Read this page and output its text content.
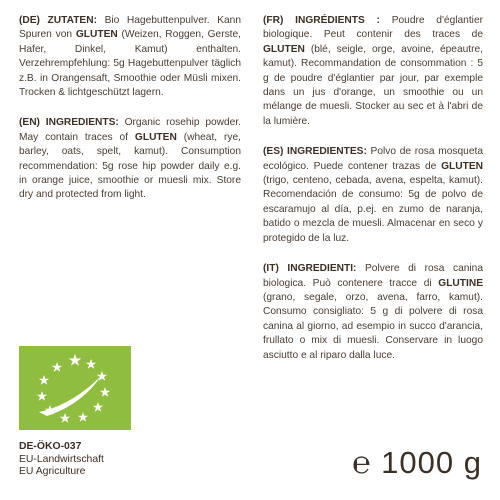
(DE) ZUTATEN: Bio Hagebuttenpulver. Kann Spuren von GLUTEN (Weizen, Roggen, Gerste, Hafer, Dinkel, Kamut) enthalten. Verzehrempfehlung: 5g Hagebuttenpulver täglich z.B. in Orangensaft, Smoothie oder Müsli mixen. Trocken & lichtgeschützt lagern.

(EN) INGREDIENTS: Organic rosehip powder. May contain traces of GLUTEN (wheat, rye, barley, oats, spelt, kamut). Consumption recommendation: 5g rose hip powder daily e.g. in orange juice, smoothie or muesli mix. Store dry and protected from light.

(FR) INGRÉDIENTS : Poudre d'églantier biologique. Peut contenir des traces de GLUTEN (blé, seigle, orge, avoine, épeautre, kamut). Recommandation de consommation : 5 g de poudre d'églantier par jour, par exemple dans un jus d'orange, un smoothie ou un mélange de muesli. Stocker au sec et à l'abri de la lumière.

(ES) INGREDIENTES: Polvo de rosa mosqueta ecológico. Puede contener trazas de GLUTEN (trigo, centeno, cebada, avena, espelta, kamut). Recomendación de consumo: 5g de polvo de escaramujo al día, p.ej. en zumo de naranja, batido o mezcla de muesli. Almacenar en seco y protegido de la luz.

(IT) INGREDIENTI: Polvere di rosa canina biologica. Può contenere tracce di GLUTINE (grano, segale, orzo, avena, farro, kamut). Consumo consigliato: 5 g di polvere di rosa canina al giorno, ad esempio in succo d'arancia, frullato o mix di muesli. Conservare in luogo asciutto e al riparo dalla luce.

DE-ÖKO-037
EU-Landwirtschaft
EU Agriculture	℮ 1000 g
